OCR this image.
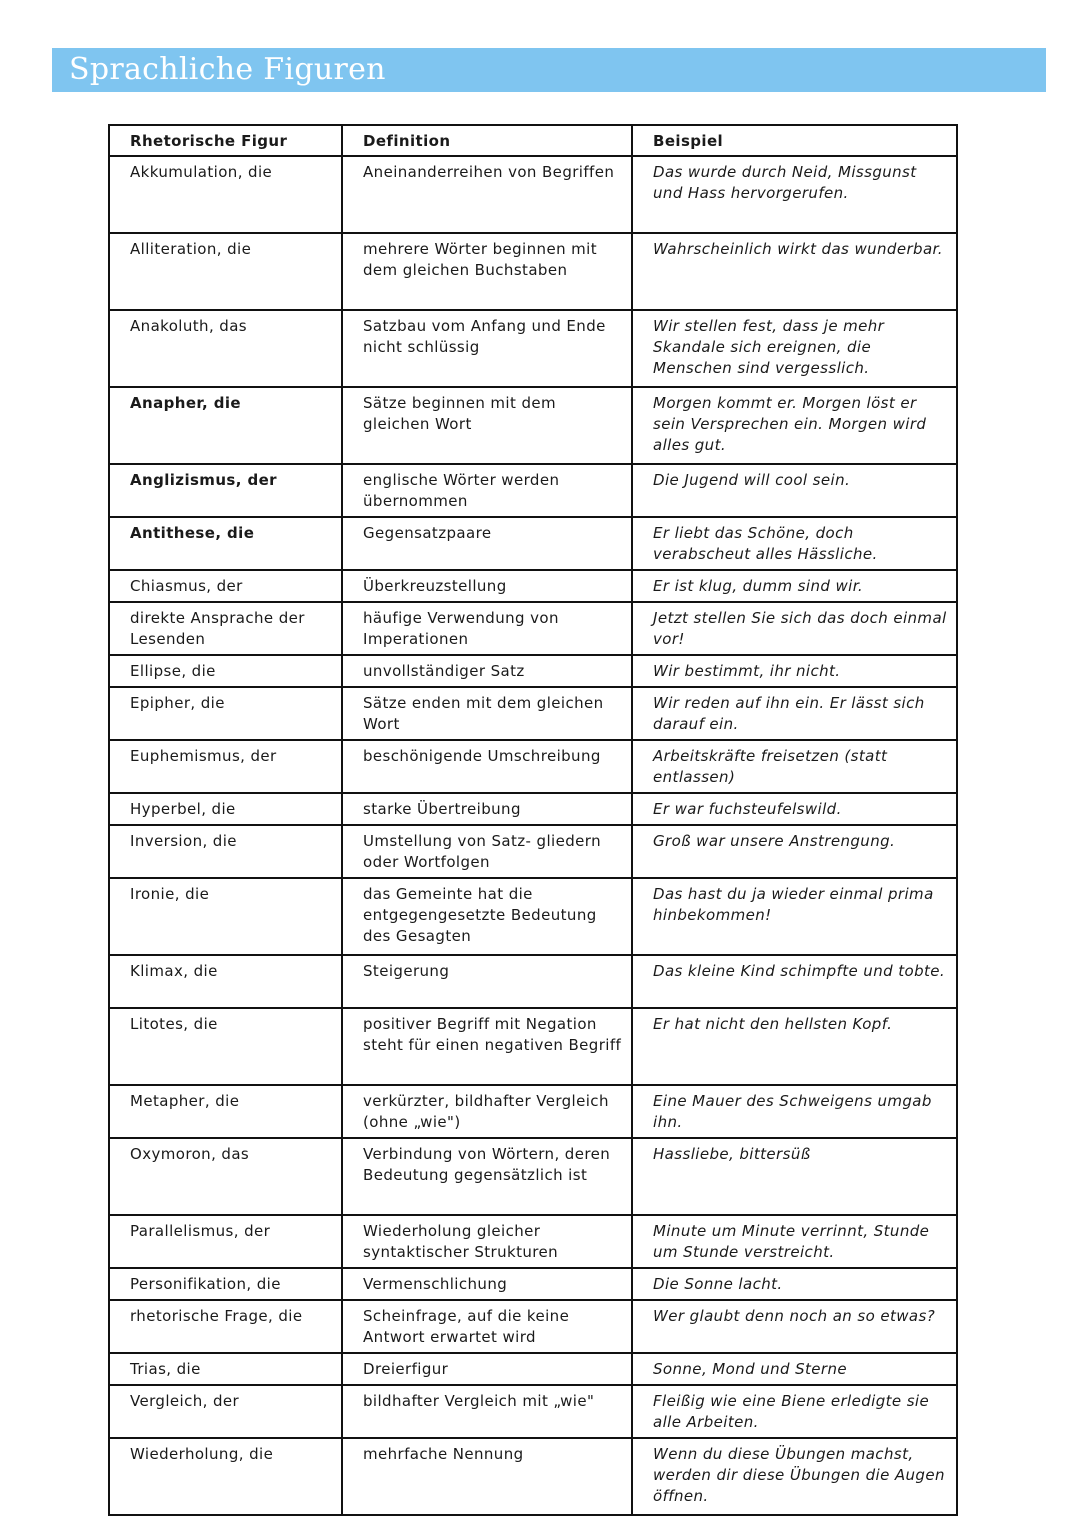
Sprachliche Figuren
Rhetorische Figur	Definition	Beispiel
Akkumulation, die	Aneinanderreihen von Begriffen	Das wurde durch Neid, Missgunst und Hass hervorgerufen.
Alliteration, die	mehrere Wörter beginnen mit dem gleichen Buchstaben	Wahrscheinlich wirkt das wunderbar.
Anakoluth, das	Satzbau vom Anfang und Ende nicht schlüssig	Wir stellen fest, dass je mehr Skandale sich ereignen, die Menschen sind vergesslich.
Anapher, die	Sätze beginnen mit dem gleichen Wort	Morgen kommt er. Morgen löst er sein Versprechen ein. Morgen wird alles gut.
Anglizismus, der	englische Wörter werden übernommen	Die Jugend will cool sein.
Antithese, die	Gegensatzpaare	Er liebt das Schöne, doch verabscheut alles Hässliche.
Chiasmus, der	Überkreuzstellung	Er ist klug, dumm sind wir.
direkte Ansprache der Lesenden	häufige Verwendung von Imperationen	Jetzt stellen Sie sich das doch einmal vor!
Ellipse, die	unvollständiger Satz	Wir bestimmt, ihr nicht.
Epipher, die	Sätze enden mit dem gleichen Wort	Wir reden auf ihn ein. Er lässt sich darauf ein.
Euphemismus, der	beschönigende Umschreibung	Arbeitskräfte freisetzen (statt entlassen)
Hyperbel, die	starke Übertreibung	Er war fuchsteufelswild.
Inversion, die	Umstellung von Satz- gliedern oder Wortfolgen	Groß war unsere Anstrengung.
Ironie, die	das Gemeinte hat die entgegengesetzte Bedeutung des Gesagten	Das hast du ja wieder einmal prima hinbekommen!
Klimax, die	Steigerung	Das kleine Kind schimpfte und tobte.
Litotes, die	positiver Begriff mit Negation steht für einen negativen Begriff	Er hat nicht den hellsten Kopf.
Metapher, die	verkürzter, bildhafter Vergleich (ohne „wie")	Eine Mauer des Schweigens umgab ihn.
Oxymoron, das	Verbindung von Wörtern, deren Bedeutung gegensätzlich ist	Hassliebe, bittersüß
Parallelismus, der	Wiederholung gleicher syntaktischer Strukturen	Minute um Minute verrinnt, Stunde um Stunde verstreicht.
Personifikation, die	Vermenschlichung	Die Sonne lacht.
rhetorische Frage, die	Scheinfrage, auf die keine Antwort erwartet wird	Wer glaubt denn noch an so etwas?
Trias, die	Dreierfigur	Sonne, Mond und Sterne
Vergleich, der	bildhafter Vergleich mit „wie"	Fleißig wie eine Biene erledigte sie alle Arbeiten.
Wiederholung, die	mehrfache Nennung	Wenn du diese Übungen machst, werden dir diese Übungen die Augen öffnen.
